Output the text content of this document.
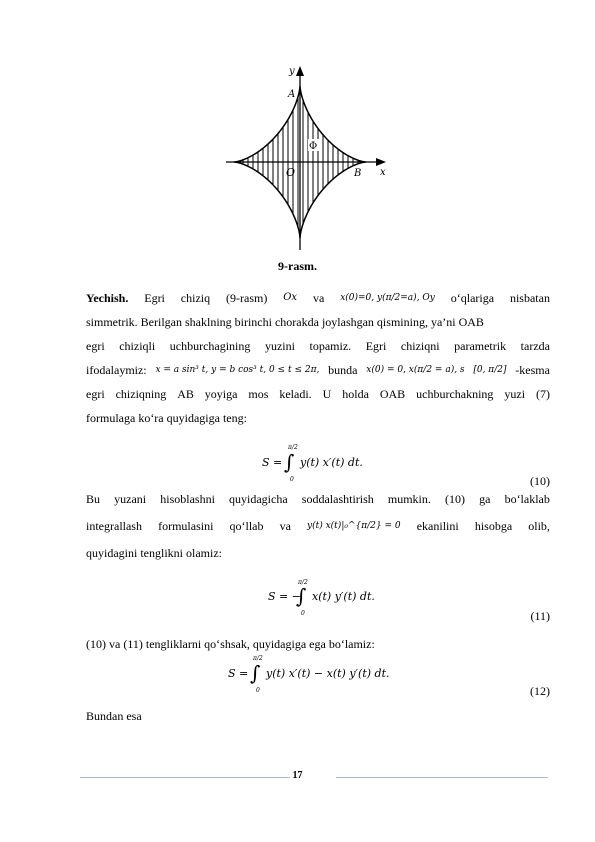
y
A
Φ
O	B x
9-rasm.
Yechish. Egri chiziq (9-rasm) Ox va x(0)=0, y(π/2=a), Oy o‘qlariga nisbatan
simmetrik. Berilgan shaklning birinchi chorakda joylashgan qismining, ya’ni OAB
egri chiziqli uchburchagining yuzini topamiz. Egri chiziqni parametrik tarzda
ifodalaymiz: x = a sin³ t, y = b cos³ t, 0 ≤ t ≤ 2π, bunda x(0) = 0, x(π/2 = a), s [0, π/2] -kesma
egri chiziqning AB yoyiga mos keladi. U holda OAB uchburchakning yuzi (7)
formulaga ko‘ra quyidagiga teng:
S = ∫
π/2
0
y(t) x′(t) dt.
(10)
Bu yuzani hisoblashni quyidagicha soddalashtirish mumkin. (10) ga bo‘laklab
integrallash formulasini qo‘llab va y(t) x(t)|₀^{π/2} = 0 ekanilini hisobga olib,
quyidagini tenglikni olamiz:
S = −
∫
π/2
0
x(t) y′(t) dt.
(11)
(10) va (11) tengliklarni qo‘shsak, quyidagiga ega bo‘lamiz:
S = ∫
π/2
0
y(t) x′(t) − x(t) y′(t) dt.
(12)
Bundan esa
17
